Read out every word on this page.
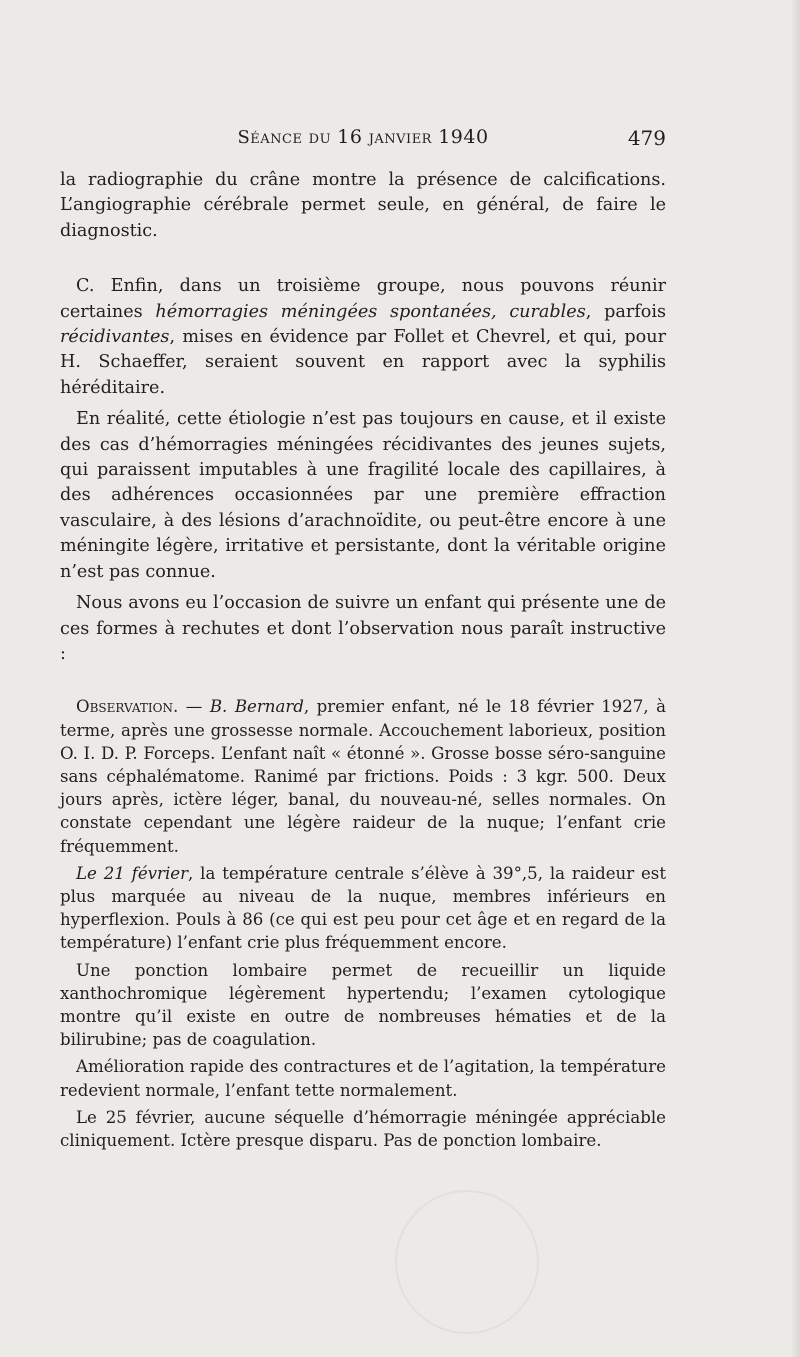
Séance du 16 janvier 1940	479

la radiographie du crâne montre la présence de calcifications. L’angiographie cérébrale permet seule, en général, de faire le diagnostic.

C. Enfin, dans un troisième groupe, nous pouvons réunir certaines hémorragies méningées spontanées, curables, parfois récidivantes, mises en évidence par Follet et Chevrel, et qui, pour H. Schaeffer, seraient souvent en rapport avec la syphilis héréditaire.

En réalité, cette étiologie n’est pas toujours en cause, et il existe des cas d’hémorragies méningées récidivantes des jeunes sujets, qui paraissent imputables à une fragilité locale des capillaires, à des adhérences occasionnées par une première effraction vasculaire, à des lésions d’arachnoïdite, ou peut-être encore à une méningite légère, irritative et persistante, dont la véritable origine n’est pas connue.

Nous avons eu l’occasion de suivre un enfant qui présente une de ces formes à rechutes et dont l’observation nous paraît instructive :

Observation. — B. Bernard, premier enfant, né le 18 février 1927, à terme, après une grossesse normale. Accouchement laborieux, position O. I. D. P. Forceps. L’enfant naît « étonné ». Grosse bosse séro-sanguine sans céphalématome. Ranimé par frictions. Poids : 3 kgr. 500. Deux jours après, ictère léger, banal, du nouveau-né, selles normales. On constate cependant une légère raideur de la nuque; l’enfant crie fréquemment.

Le 21 février, la température centrale s’élève à 39°,5, la raideur est plus marquée au niveau de la nuque, membres inférieurs en hyperflexion. Pouls à 86 (ce qui est peu pour cet âge et en regard de la température) l’enfant crie plus fréquemment encore.

Une ponction lombaire permet de recueillir un liquide xanthochromique légèrement hypertendu; l’examen cytologique montre qu’il existe en outre de nombreuses hématies et de la bilirubine; pas de coagulation.

Amélioration rapide des contractures et de l’agitation, la température redevient normale, l’enfant tette normalement.

Le 25 février, aucune séquelle d’hémorragie méningée appréciable cliniquement. Ictère presque disparu. Pas de ponction lombaire.
